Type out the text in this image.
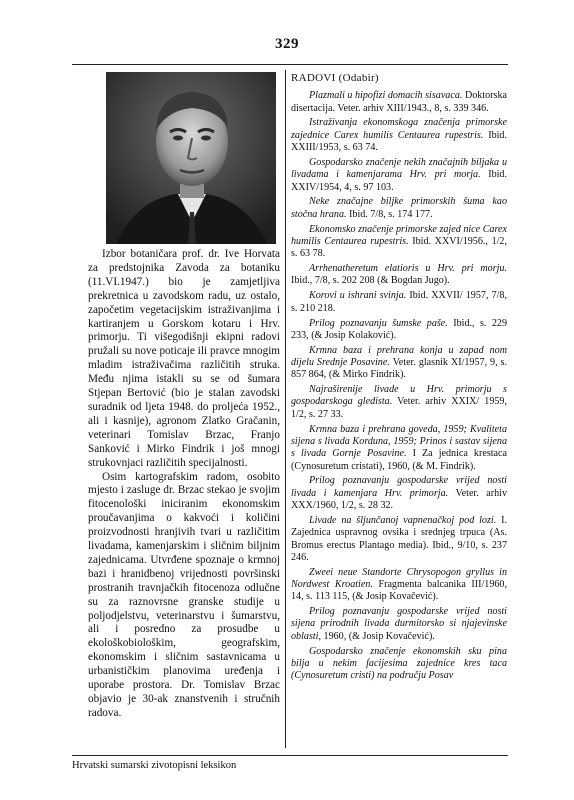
329

Izbor botaničara prof. dr. Ive Horvata za predstojnika Zavoda za botaniku (11.VI.1947.) bio je zamjetljiva prekretnica u zavodskom radu, uz ostalo, započetim vegetacijskim istraživanjima i kartiranjem u Gorskom kotaru i Hrv. primorju. Ti višegodišnji ekipni radovi pružali su nove poticaje ili pravce mnogim mladim istraživačima različitih struka. Među njima istakli su se od šumara Stjepan Bertović (bio je stalan zavodski suradnik od ljeta 1948. do proljeća 1952., ali i kasnije), agronom Zlatko Gračanin, veterinari Tomislav Brzac, Franjo Sanković i Mirko Findrik i još mnogi strukovnjaci različitih specijalnosti.

Osim kartografskim radom, osobito mjesto i zasluge dr. Brzac stekao je svojim fitocenološki iniciranim ekonomskim proučavanjima o kakvoći i količini proizvodnosti hranjivih tvari u različitim livadama, kamenjarskim i sličnim biljnim zajednicama. Utvrđene spoznaje o krmnoj bazi i hranidbenoj vrijednosti površinski prostranih travnjačkih fitocenoza odlučne su za raznovrsne granske studije u poljodjelstvu, veterinarstvu i šumarstvu, ali i posredno za prosudbe u ekološkobiološkim, geografskim, ekonomskim i sličnim sastavnicama u urbanističkim planovima uređenja i uporabe prostora. Dr. Tomislav Brzac objavio je 30-ak znanstvenih i stručnih radova.

RADOVI (Odabir)

Plazmali u hipofizi domacih sisavaca. Doktorska disertacija. Veter. arhiv XIII/1943., 8, s. 339 346.

Istraživanja ekonomskoga značenja primorske zajednice Carex humilis Centaurea rupestris. Ibid. XXIII/1953, s. 63 74.

Gospodarsko značenje nekih značajnih biljaka u livadama i kamenjarama Hrv. pri morja. Ibid. XXIV/1954, 4, s. 97 103.

Neke značajne biljke primorskih šuma kao stočna hrana. Ibid. 7/8, s. 174 177.

Ekonomsko značenje primorske zajed nice Carex humilis Centaurea rupestris. Ibid. XXVI/1956., 1/2, s. 63 78.

Arrhenatheretum elatioris u Hrv. pri morju. Ibid., 7/8, s. 202 208 (& Bogdan Jugo).

Korovi u ishrani svinja. Ibid. XXVII/ 1957, 7/8, s. 210 218.

Prilog poznavanju šumske paše. Ibid., s. 229 233, (& Josip Kolaković).

Krmna baza i prehrana konja u zapad nom dijelu Srednje Posavine. Veter. glasnik XI/1957, 9, s. 857 864, (& Mirko Findrik).

Najraširenije livade u Hrv. primorju s gospodarskoga gledista. Veter. arhiv XXIX/ 1959, 1/2, s. 27 33.

Krmna baza i prehrana goveda, 1959; Kvaliteta sijena s livada Korduna, 1959; Prinos i sastav sijena s livada Gornje Posavine. I Za jednica krestaca (Cynosuretum cristati), 1960, (& M. Findrik).

Prilog poznavanju gospodarske vrijed nosti livada i kamenjara Hrv. primorja. Veter. arhiv XXX/1960, 1/2, s. 28 32.

Livade na šljunčanoj vapnenačkoj pod lozi. I. Zajednica uspravnog ovsika i srednjeg trpuca (As. Bromus erectus Plantago media). Ibid., 9/10, s. 237 246.

Zweei neue Standorte Chrysopogon gryllus in Nordwest Kroatien. Fragmenta balcanika III/1960, 14, s. 113 115, (& Josip Kovačević).

Prilog poznavanju gospodarske vrijed nosti sijena prirodnih livada durmitorsko si njajevinske oblasti, 1960, (& Josip Kovačević).

Gospodarsko značenje ekonomskih sku pina bilja u nekim facijesima zajednice kres taca (Cynosuretum cristi) na području Posav

Hrvatski sumarski zivotopisni leksikon
